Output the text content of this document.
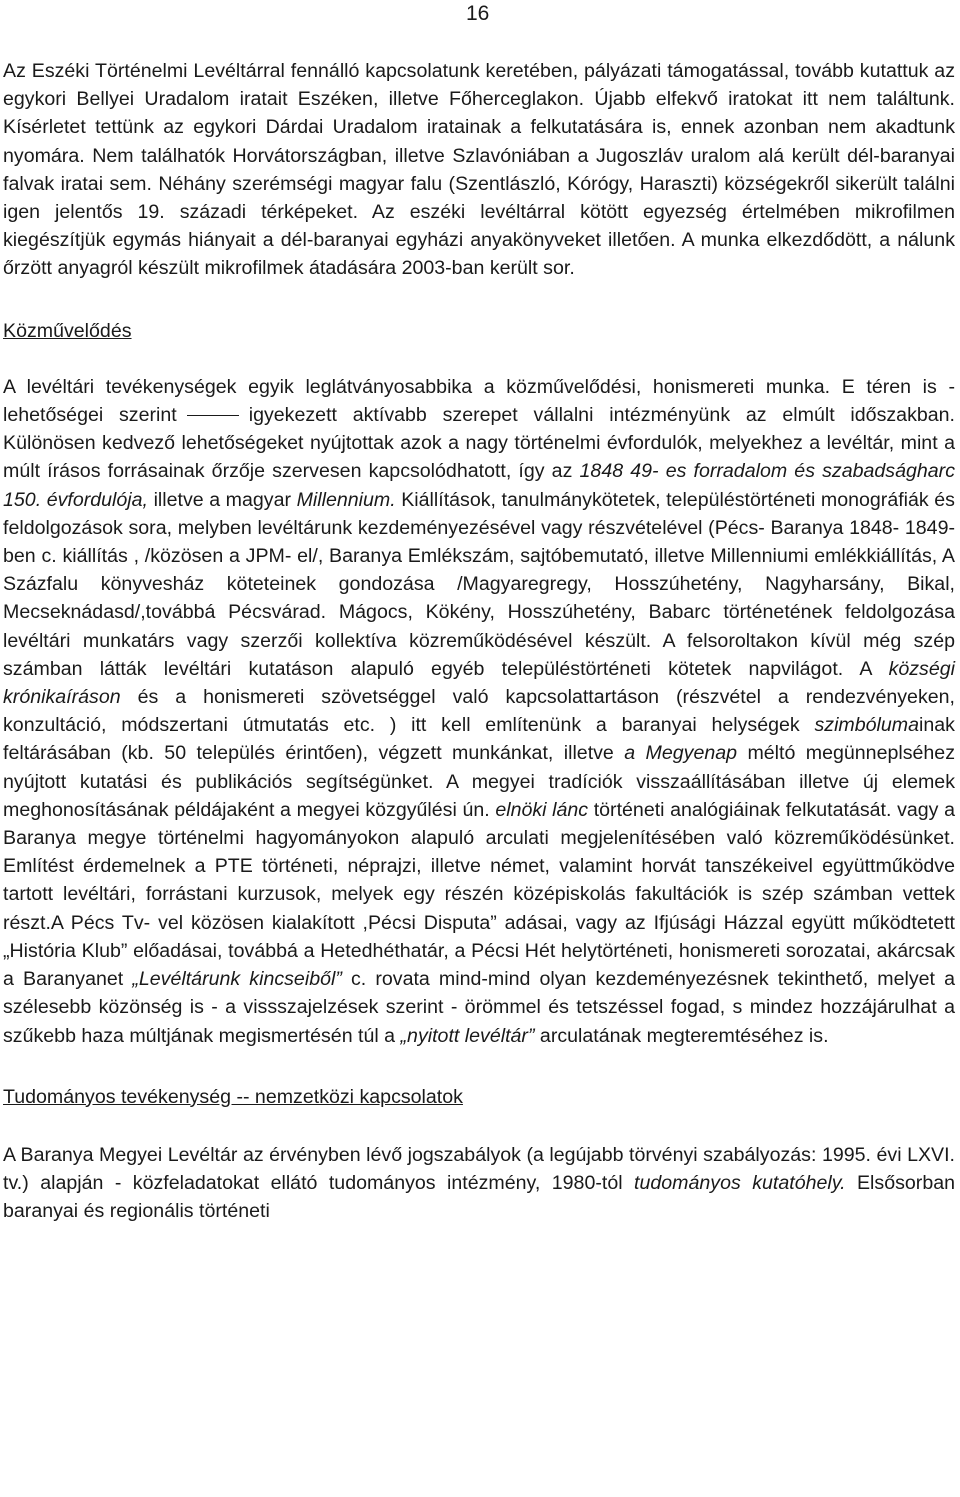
16

Az Eszéki Történelmi Levéltárral fennálló kapcsolatunk keretében, pályázati támogatással, tovább kutattuk az egykori Bellyei Uradalom iratait Eszéken, illetve Főherceglakon. Újabb elfekvő iratokat itt nem találtunk. Kísérletet tettünk az egykori Dárdai Uradalom iratainak a felkutatására is, ennek azonban nem akadtunk nyomára. Nem találhatók Horvátországban, illetve Szlavóniában a Jugoszláv uralom alá került dél-baranyai falvak iratai sem. Néhány szerémségi magyar falu (Szentlászló, Kórógy, Haraszti) községekről sikerült találni igen jelentős 19. századi térképeket. Az eszéki levéltárral kötött egyezség értelmében mikrofilmen kiegészítjük egymás hiányait a dél-baranyai egyházi anyakönyveket illetően. A munka elkezdődött, a nálunk őrzött anyagról készült mikrofilmek átadására 2003-ban került sor.

Közművelődés

A levéltári tevékenységek egyik leglátványosabbika a közművelődési, honismereti munka. E téren is - lehetőségei szerint	igyekezett aktívabb szerepet vállalni intézményünk az elmúlt időszakban. Különösen kedvező lehetőségeket nyújtottak azok a nagy történelmi évfordulók, melyekhez a levéltár, mint a múlt írásos forrásainak őrzője szervesen kapcsolódhatott, így az 1848 49- es forradalom és szabadságharc 150. évfordulója, illetve a magyar Millennium. Kiállítások, tanulmánykötetek, településtörténeti monográfiák és feldolgozások sora, melyben levéltárunk kezdeményezésével vagy részvételével (Pécs- Baranya 1848- 1849- ben c. kiállítás , /közösen a JPM- el/, Baranya Emlékszám, sajtóbemutató, illetve Millenniumi emlékkiállítás, A Százfalu könyvesház köteteinek gondozása /Magyaregregy, Hosszúhetény, Nagyharsány, Bikal, Mecseknádasd/,továbbá Pécsvárad. Mágocs, Kökény, Hosszúhetény, Babarc történetének feldolgozása levéltári munkatárs vagy szerzői kollektíva közreműködésével készült. A felsoroltakon kívül még szép számban látták levéltári kutatáson alapuló egyéb településtörténeti kötetek napvilágot. A községi krónikaíráson és a honismereti szövetséggel való kapcsolattartáson (részvétel a rendezvényeken, konzultáció, módszertani útmutatás etc. ) itt kell említenünk a baranyai helységek szimbólumainak feltárásában (kb. 50 település érintően), végzett munkánkat, illetve a Megyenap méltó megünneplséhez nyújtott kutatási és publikációs segítségünket. A megyei tradíciók visszaállításában illetve új elemek meghonosításának példájaként a megyei közgyűlési ún. elnöki lánc történeti analógiáinak felkutatását. vagy a Baranya megye történelmi hagyományokon alapuló arculati megjelenítésében való közreműködésünket. Említést érdemelnek a PTE történeti, néprajzi, illetve német, valamint horvát tanszékeivel együttműködve tartott levéltári, forrástani kurzusok, melyek egy részén középiskolás fakultációk is szép számban vettek részt.A Pécs Tv- vel közösen kialakított ,Pécsi Disputa” adásai, vagy az Ifjúsági Házzal együtt működtetett „História Klub” előadásai, továbbá a Hetedhéthatár, a Pécsi Hét helytörténeti, honismereti sorozatai, akárcsak a Baranyanet „Levéltárunk kincseiből” c. rovata mind-mind olyan kezdeményezésnek tekinthető, melyet a szélesebb közönség is - a vissszajelzések szerint - örömmel és tetszéssel fogad, s mindez hozzájárulhat a szűkebb haza múltjának megismertésén túl a „nyitott levéltár” arculatának megteremtéséhez is.

Tudományos tevékenység -- nemzetközi kapcsolatok

A Baranya Megyei Levéltár az érvényben lévő jogszabályok (a legújabb törvényi szabályozás: 1995. évi LXVI. tv.) alapján - közfeladatokat ellátó tudományos intézmény, 1980-tól tudományos kutatóhely. Elsősorban baranyai és regionális történeti
